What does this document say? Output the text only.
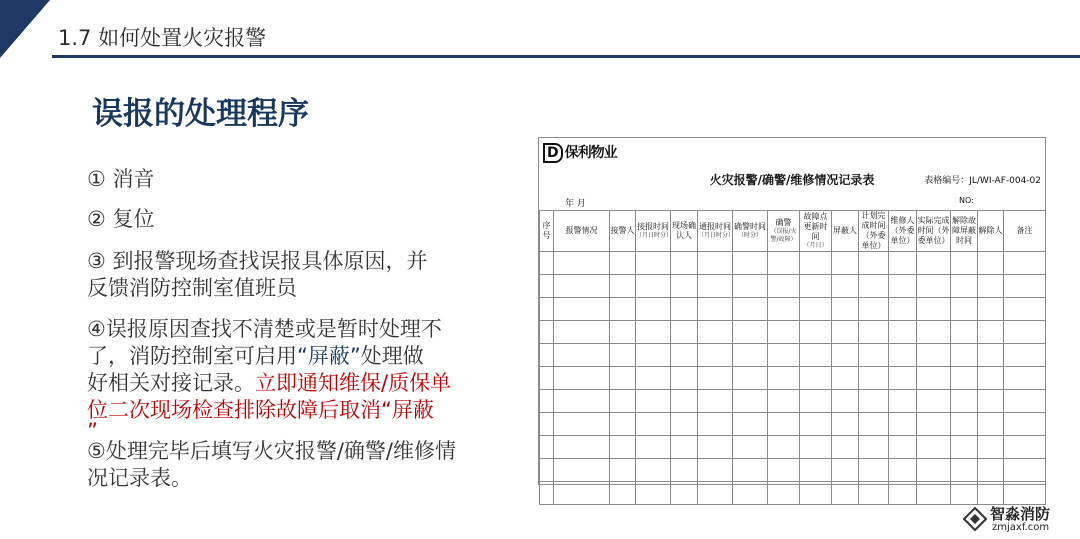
1.7 如何处置火灾报警
误报的处理程序
① 消音
② 复位
③ 到报警现场查找误报具体原因，并
反馈消防控制室值班员
④误报原因查找不清楚或是暂时处理不
了，消防控制室可启用“屏蔽”处理做
好相关对接记录。立即通知维保/质保单
位二次现场检查排除故障后取消“屏蔽
”
⑤处理完毕后填写火灾报警/确警/维修情
况记录表。
D 保利物业
火灾报警/确警/维修情况记录表	表格编号：JL/WI-AF-004-02
年 月	NO:
序号	报警情况	接警人	接报时间
（月日时分）	现场确认人	通报时间
（月日时分）	确警时间
（时分）	确警
（误报/火警/故障）	故障点更新时间
（月日）	屏蔽人	计划完成时间（外委单位）	维修人（外委单位）	实际完成时间（外委单位）	解除故障屏蔽时间	解除人	备注

智淼消防
zmjaxf.com
